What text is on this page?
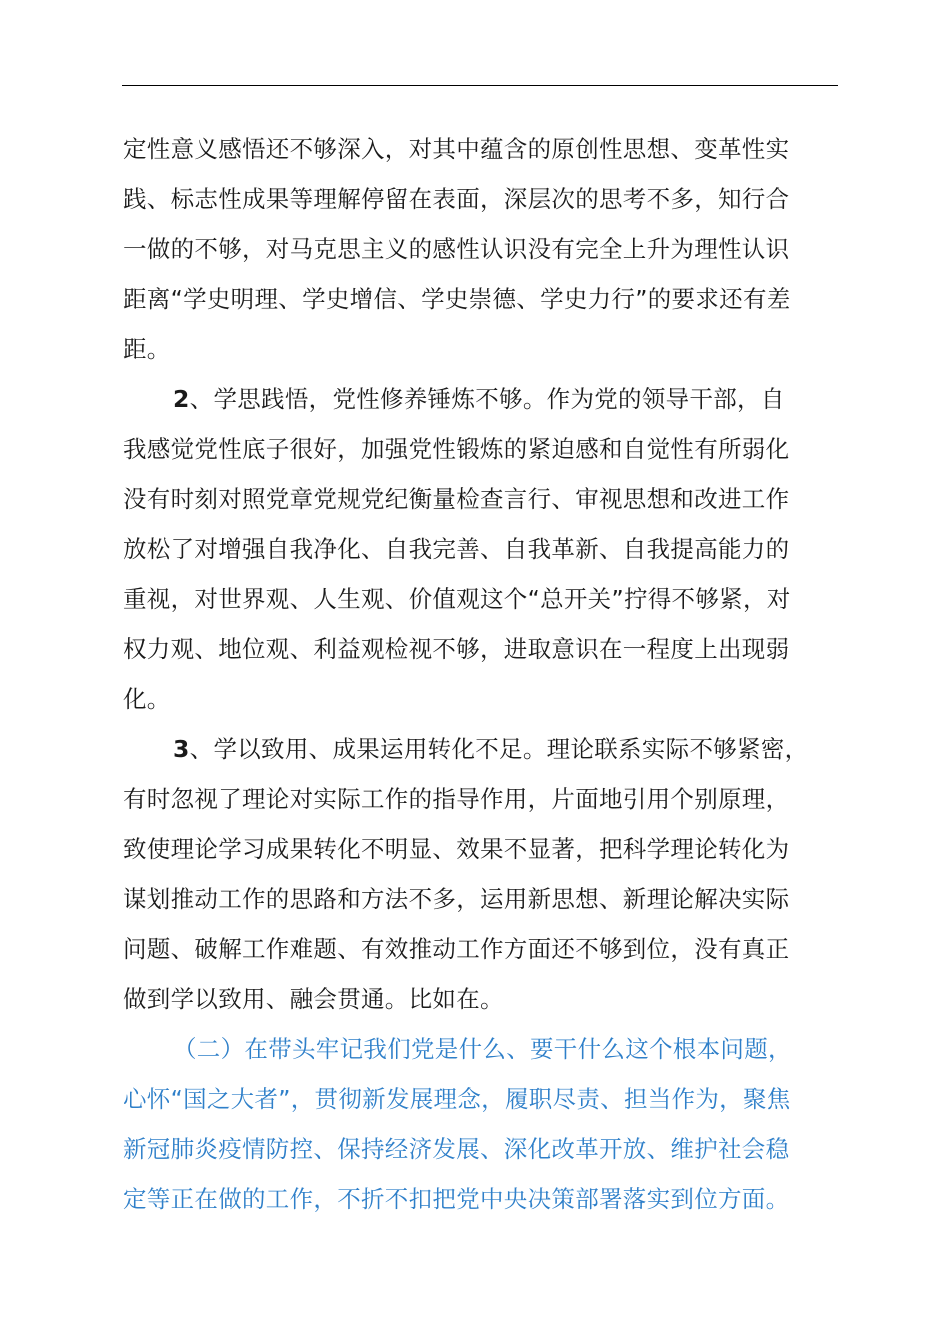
定性意义感悟还不够深入，对其中蕴含的原创性思想、变革性实
践、标志性成果等理解停留在表面，深层次的思考不多，知行合
一做的不够，对马克思主义的感性认识没有完全上升为理性认识
距离“学史明理、学史增信、学史崇德、学史力行”的要求还有差
距。
2、学思践悟，党性修养锤炼不够。作为党的领导干部，自
我感觉党性底子很好，加强党性锻炼的紧迫感和自觉性有所弱化
没有时刻对照党章党规党纪衡量检查言行、审视思想和改进工作
放松了对增强自我净化、自我完善、自我革新、自我提高能力的
重视，对世界观、人生观、价值观这个“总开关”拧得不够紧，对
权力观、地位观、利益观检视不够，进取意识在一程度上出现弱
化。
3、学以致用、成果运用转化不足。理论联系实际不够紧密，
有时忽视了理论对实际工作的指导作用，片面地引用个别原理，
致使理论学习成果转化不明显、效果不显著，把科学理论转化为
谋划推动工作的思路和方法不多，运用新思想、新理论解决实际
问题、破解工作难题、有效推动工作方面还不够到位，没有真正
做到学以致用、融会贯通。比如在。
（二）在带头牢记我们党是什么、要干什么这个根本问题，
心怀“国之大者”，贯彻新发展理念，履职尽责、担当作为，聚焦
新冠肺炎疫情防控、保持经济发展、深化改革开放、维护社会稳
定等正在做的工作，不折不扣把党中央决策部署落实到位方面。
